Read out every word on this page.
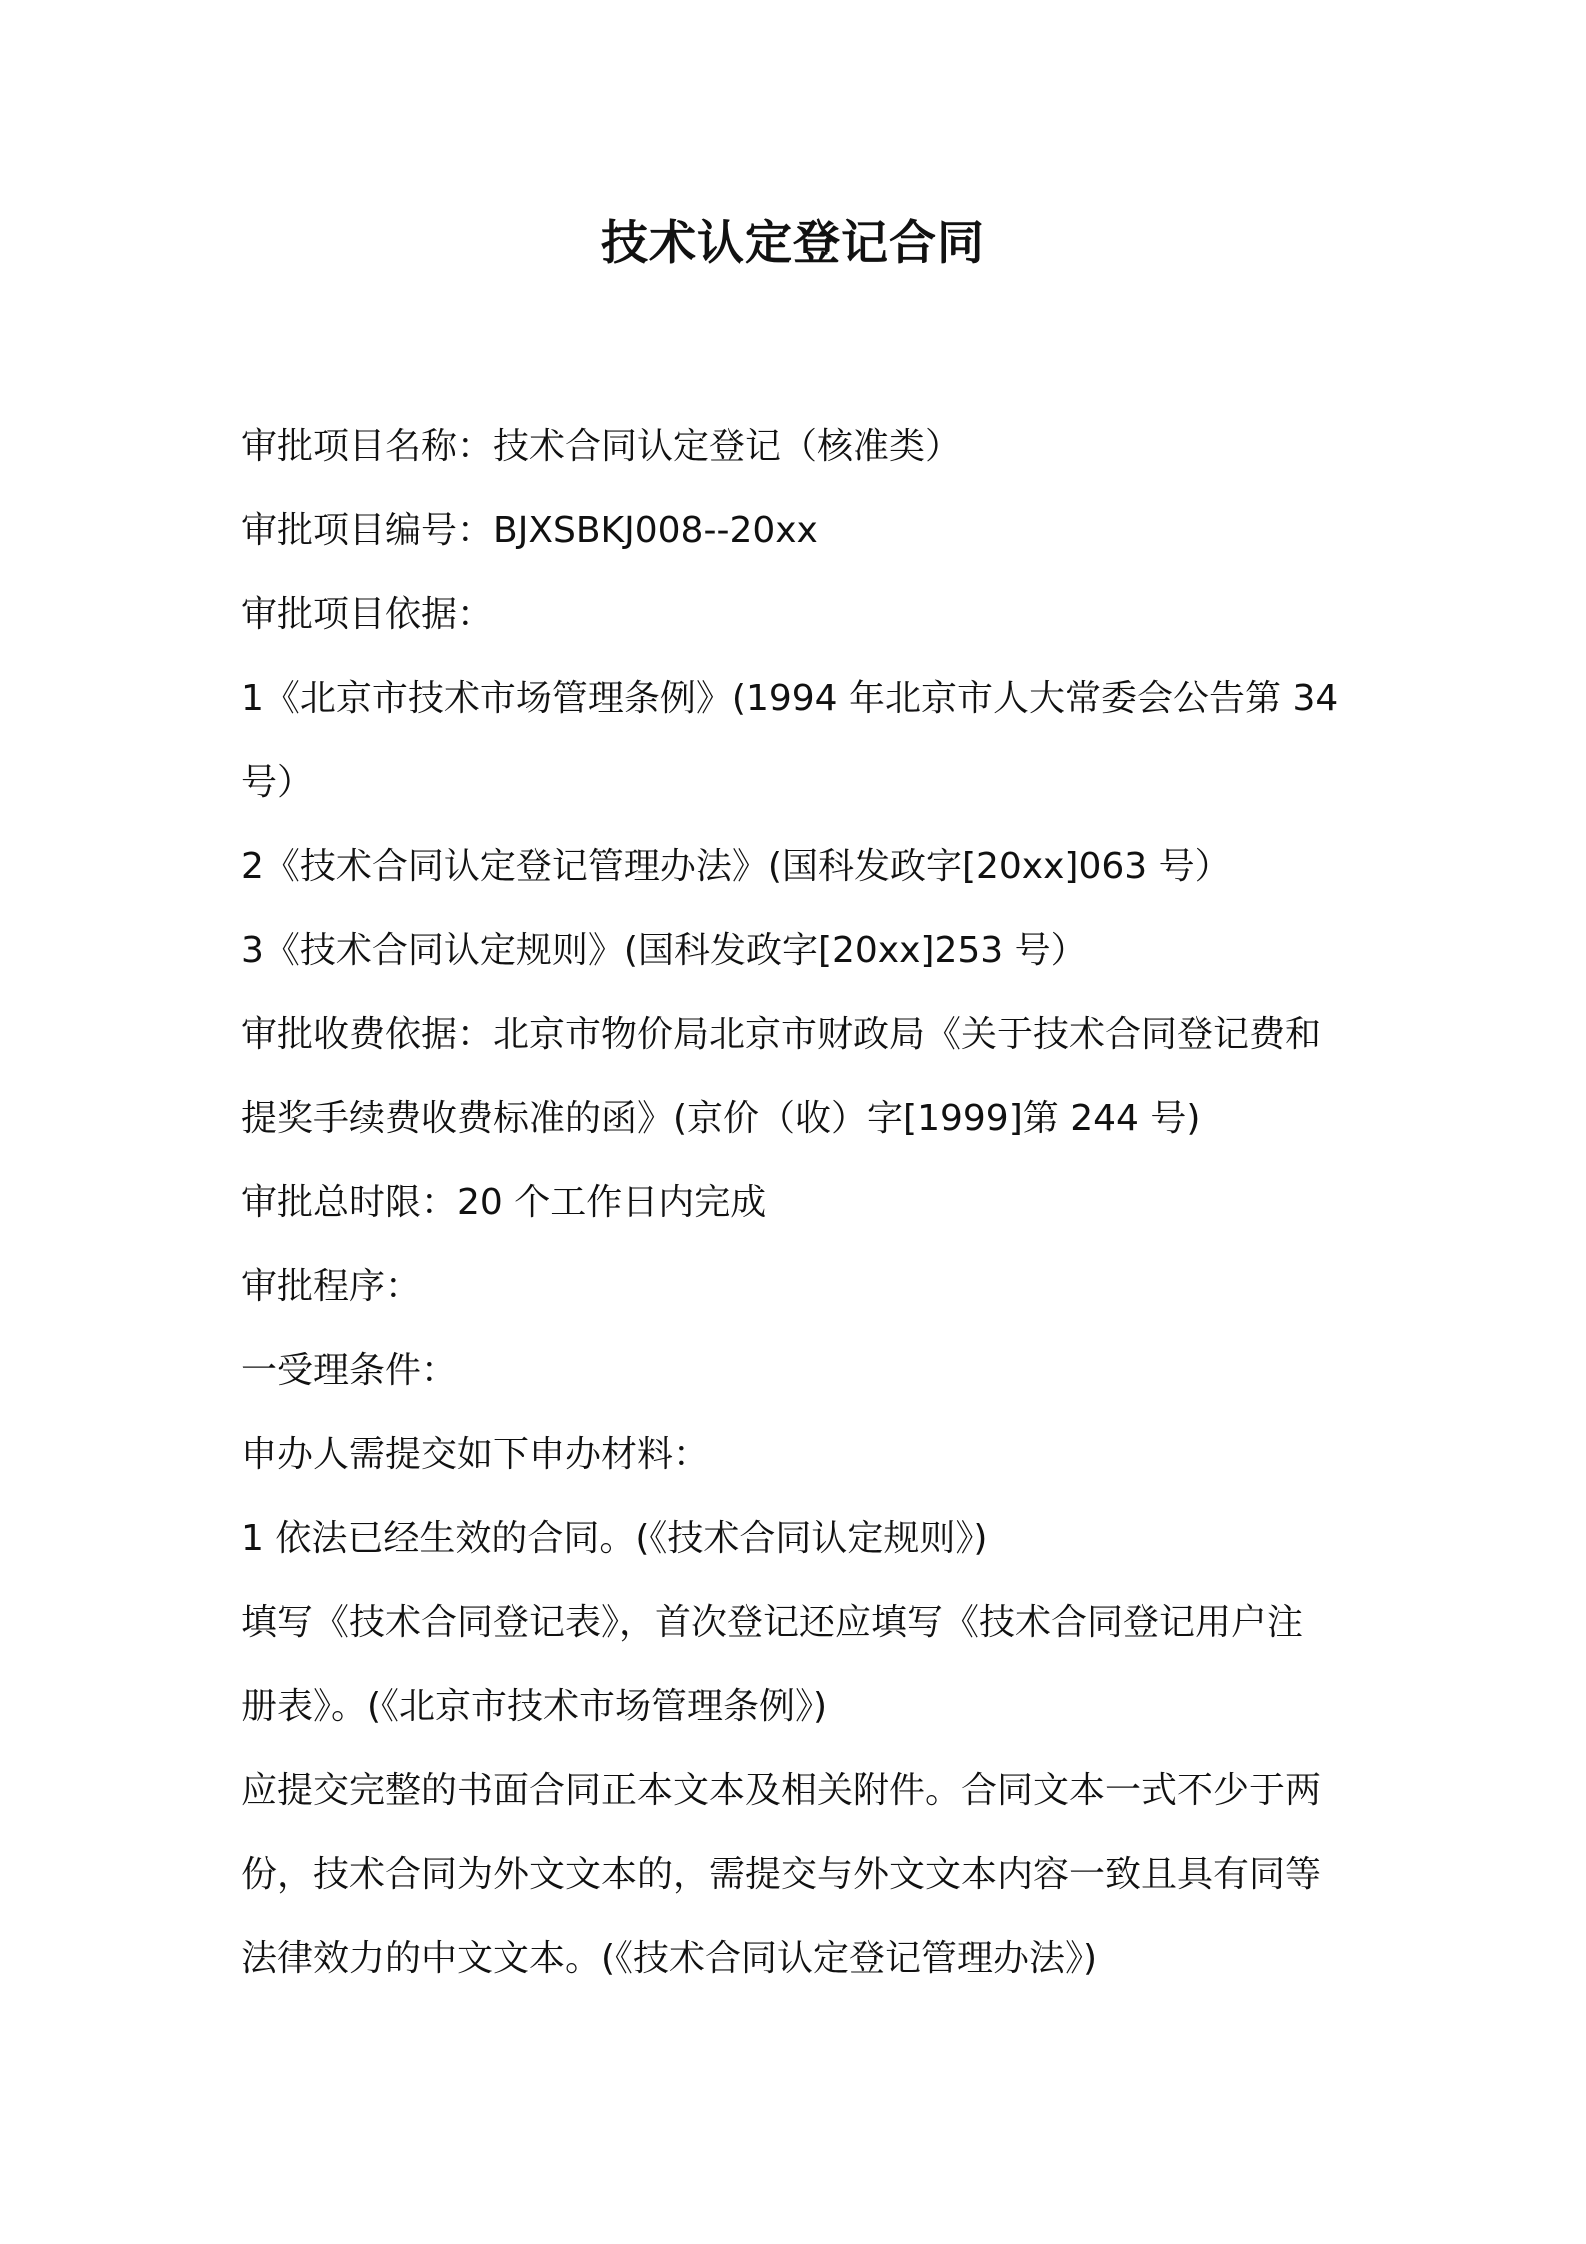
技术认定登记合同

审批项目名称：技术合同认定登记（核准类）

审批项目编号：BJXSBKJ008--20xx

审批项目依据：

1《北京市技术市场管理条例》(1994 年北京市人大常委会公告第 34

号）

2《技术合同认定登记管理办法》(国科发政字[20xx]063 号）

3《技术合同认定规则》(国科发政字[20xx]253 号）

审批收费依据：北京市物价局北京市财政局《关于技术合同登记费和

提奖手续费收费标准的函》(京价（收）字[1999]第 244 号)

审批总时限：20 个工作日内完成

审批程序：

一受理条件：

申办人需提交如下申办材料：

1 依法已经生效的合同。(《技术合同认定规则》)

填写《技术合同登记表》，首次登记还应填写《技术合同登记用户注

册表》。(《北京市技术市场管理条例》)

应提交完整的书面合同正本文本及相关附件。合同文本一式不少于两

份，技术合同为外文文本的，需提交与外文文本内容一致且具有同等

法律效力的中文文本。(《技术合同认定登记管理办法》)
